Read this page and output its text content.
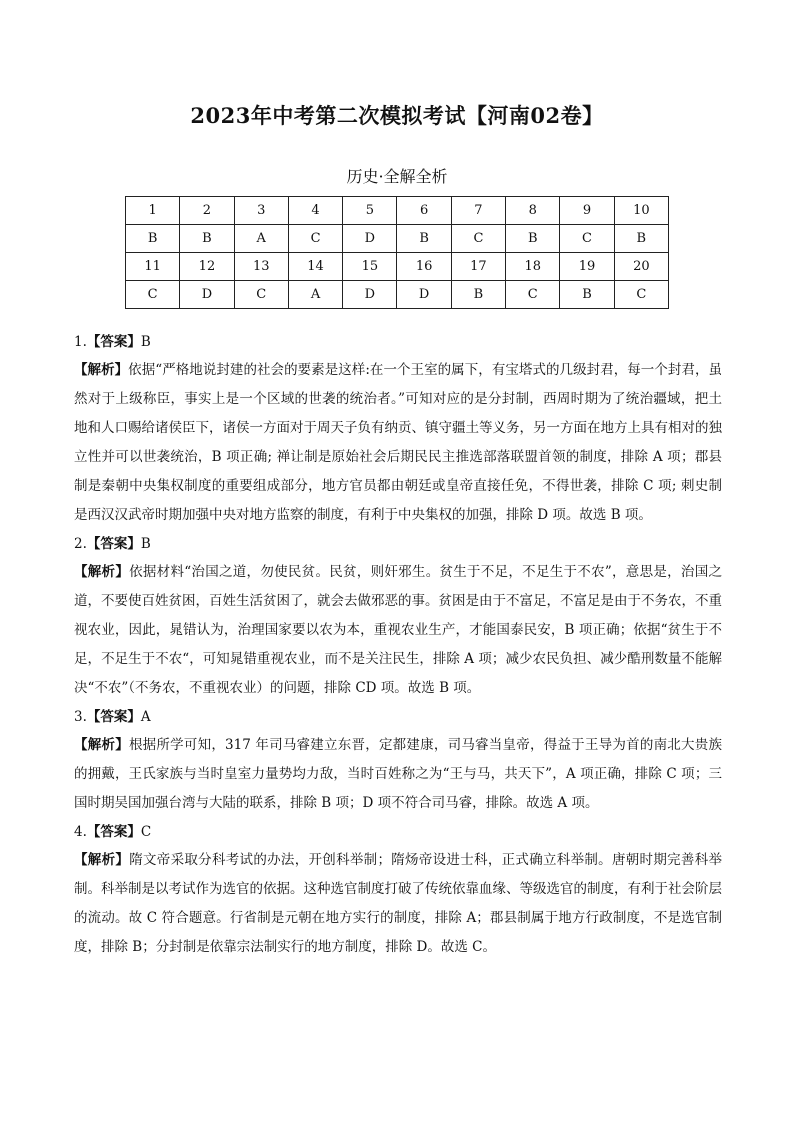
2023年中考第二次模拟考试【河南02卷】
历史·全解全析
1	2	3	4	5	6	7	8	9	10
B	B	A	C	D	B	C	B	C	B
11	12	13	14	15	16	17	18	19	20
C	D	C	A	D	D	B	C	B	C

1.【答案】B

【解析】依据“严格地说封建的社会的要素是这样:在一个王室的属下，有宝塔式的几级封君，每一个封君，虽然对于上级称臣，事实上是一个区域的世袭的统治者。”可知对应的是分封制，西周时期为了统治疆域，把土地和人口赐给诸侯臣下，诸侯一方面对于周天子负有纳贡、镇守疆土等义务，另一方面在地方上具有相对的独立性并可以世袭统治，B 项正确; 禅让制是原始社会后期民民主推选部落联盟首领的制度，排除 A 项；郡县制是秦朝中央集权制度的重要组成部分，地方官员都由朝廷或皇帝直接任免，不得世袭，排除 C 项; 刺史制是西汉汉武帝时期加强中央对地方监察的制度，有利于中央集权的加强，排除 D 项。故选 B 项。

2.【答案】B

【解析】依据材料“治国之道，勿使民贫。民贫，则奸邪生。贫生于不足，不足生于不农”，意思是，治国之道，不要使百姓贫困，百姓生活贫困了，就会去做邪恶的事。贫困是由于不富足，不富足是由于不务农，不重视农业，因此，晁错认为，治理国家要以农为本，重视农业生产，才能国泰民安，B 项正确；依据“贫生于不足，不足生于不农“，可知晁错重视农业，而不是关注民生，排除 A 项；减少农民负担、减少酷刑数量不能解决“不农”（不务农，不重视农业）的问题，排除 CD 项。故选 B 项。

3.【答案】A

【解析】根据所学可知，317 年司马睿建立东晋，定都建康，司马睿当皇帝，得益于王导为首的南北大贵族的拥戴，王氏家族与当时皇室力量势均力敌，当时百姓称之为“王与马，共天下”，A 项正确，排除 C 项；三国时期吴国加强台湾与大陆的联系，排除 B 项；D 项不符合司马睿，排除。故选 A 项。

4.【答案】C

【解析】隋文帝采取分科考试的办法，开创科举制；隋炀帝设进士科，正式确立科举制。唐朝时期完善科举制。科举制是以考试作为选官的依据。这种选官制度打破了传统依靠血缘、等级选官的制度，有利于社会阶层的流动。故 C 符合题意。行省制是元朝在地方实行的制度，排除 A；郡县制属于地方行政制度，不是选官制度，排除 B；分封制是依靠宗法制实行的地方制度，排除 D。故选 C。
